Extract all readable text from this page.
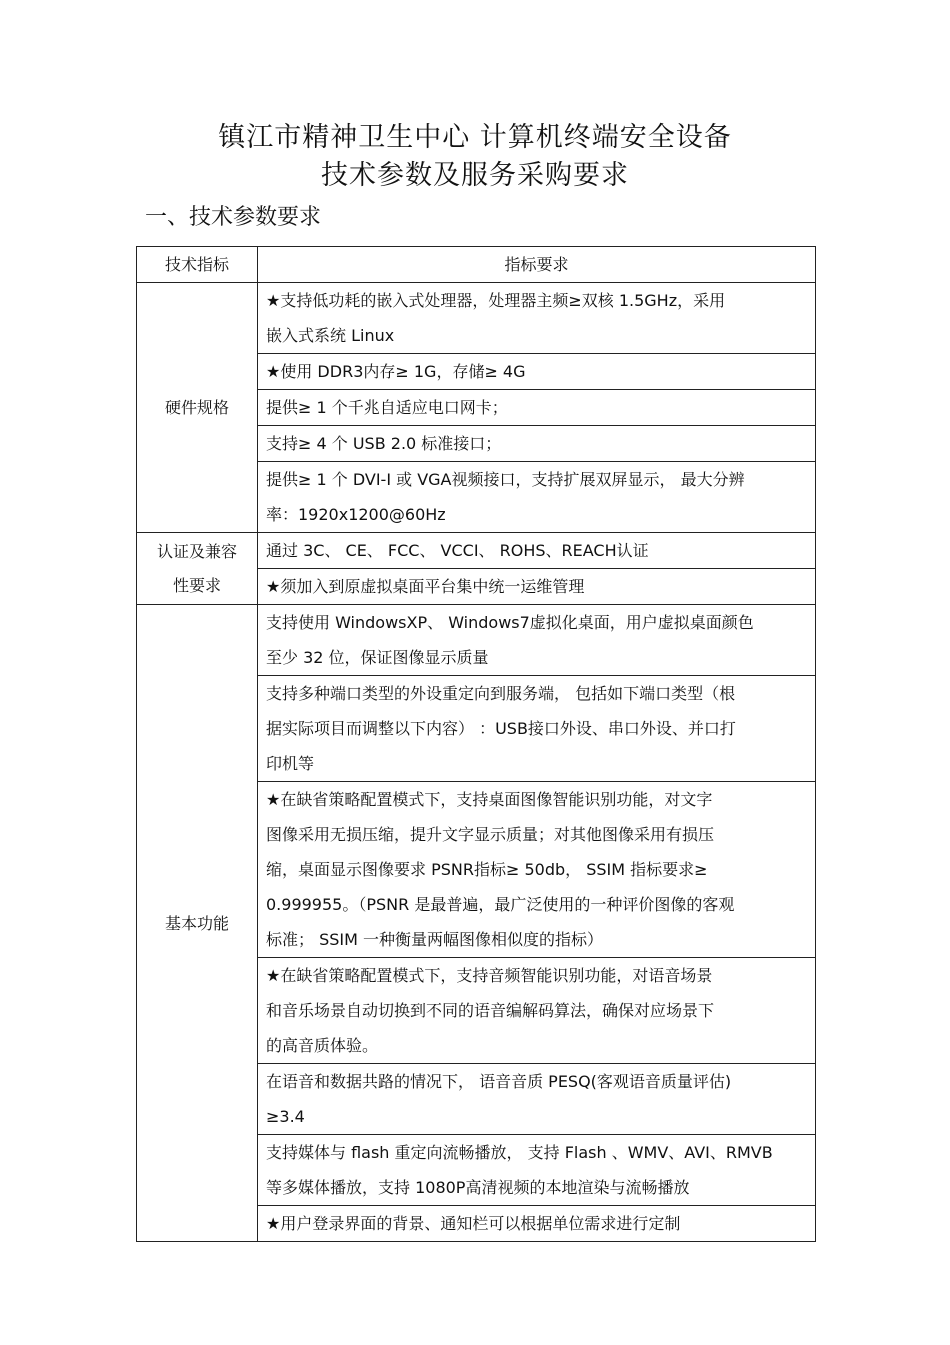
镇江市精神卫生中心 计算机终端安全设备
技术参数及服务采购要求
一、技术参数要求
技术指标	指标要求
硬件规格	★支持低功耗的嵌入式处理器，处理器主频≥双核 1.5GHz，采用
嵌入式系统 Linux

	★使用 DDR3内存≥ 1G，存储≥ 4G

	提供≥ 1 个千兆自适应电口网卡；

	支持≥ 4 个 USB 2.0 标准接口；

	提供≥ 1 个 DVI-I 或 VGA视频接口，支持扩展双屏显示， 最大分辨
率：1920x1200@60Hz

认证及兼容
性要求	通过 3C、 CE、 FCC、 VCCI、 ROHS、REACH认证

	★须加入到原虚拟桌面平台集中统一运维管理

基本功能	支持使用 WindowsXP、 Windows7虚拟化桌面，用户虚拟桌面颜色
至少 32 位，保证图像显示质量

	支持多种端口类型的外设重定向到服务端， 包括如下端口类型（根
据实际项目而调整以下内容） ：USB接口外设、串口外设、并口打
印机等

	★在缺省策略配置模式下，支持桌面图像智能识别功能，对文字
图像采用无损压缩，提升文字显示质量；对其他图像采用有损压
缩，桌面显示图像要求 PSNR指标≥ 50db， SSIM 指标要求≥
0.999955。（PSNR 是最普遍，最广泛使用的一种评价图像的客观
标准； SSIM 一种衡量两幅图像相似度的指标）

	★在缺省策略配置模式下，支持音频智能识别功能，对语音场景
和音乐场景自动切换到不同的语音编解码算法，确保对应场景下
的高音质体验。

	在语音和数据共路的情况下， 语音音质 PESQ(客观语音质量评估)
≥3.4

	支持媒体与 flash 重定向流畅播放， 支持 Flash 、WMV、AVI、RMVB
等多媒体播放，支持 1080P高清视频的本地渲染与流畅播放

	★用户登录界面的背景、通知栏可以根据单位需求进行定制
